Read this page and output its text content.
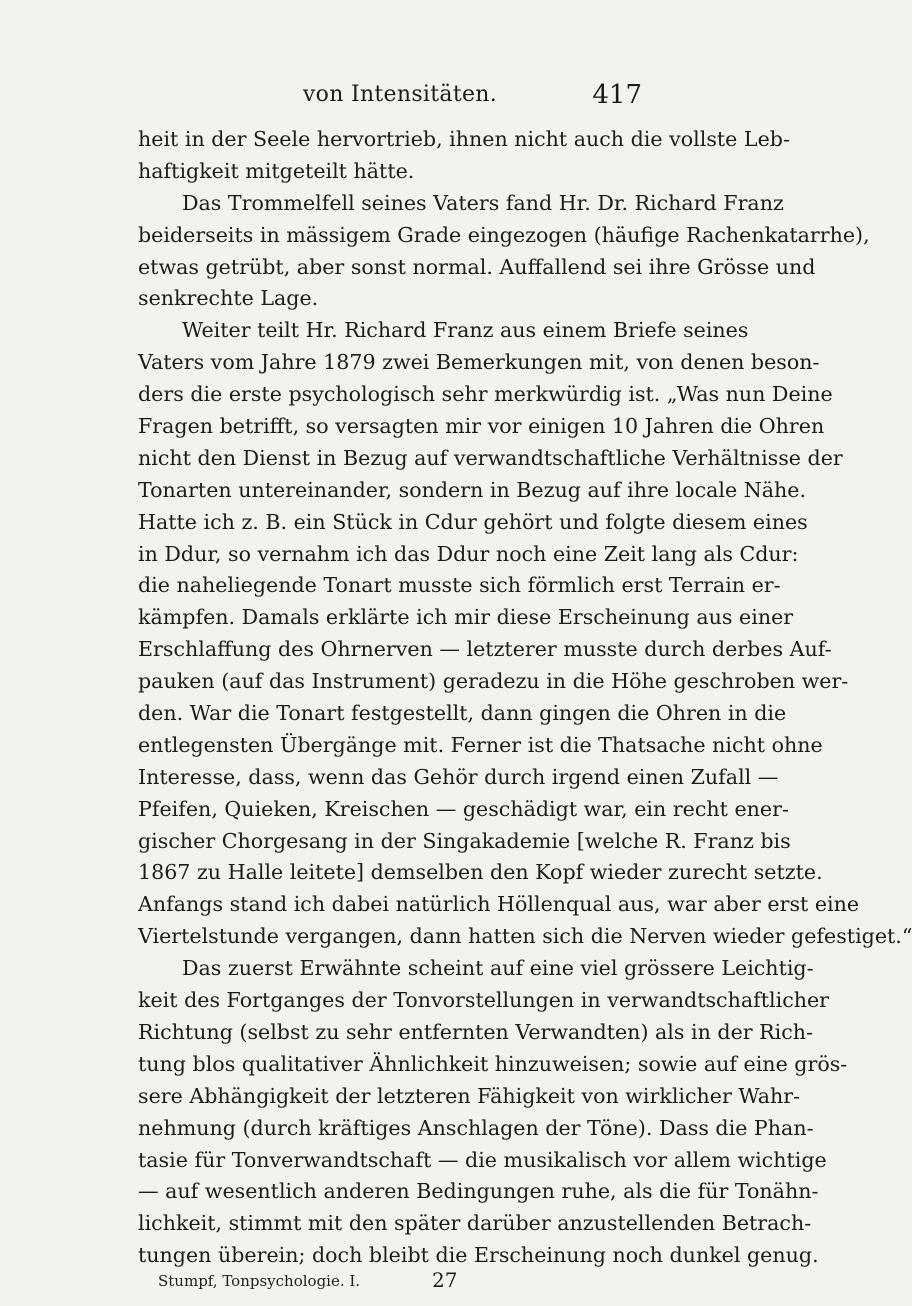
von Intensitäten.	417
heit in der Seele hervortrieb, ihnen nicht auch die vollste Leb-
haftigkeit mitgeteilt hätte.
Das Trommelfell seines Vaters fand Hr. Dr. Richard Franz
beiderseits in mässigem Grade eingezogen (häufige Rachenkatarrhe),
etwas getrübt, aber sonst normal. Auffallend sei ihre Grösse und
senkrechte Lage.
Weiter teilt Hr. Richard Franz aus einem Briefe seines
Vaters vom Jahre 1879 zwei Bemerkungen mit, von denen beson-
ders die erste psychologisch sehr merkwürdig ist. „Was nun Deine
Fragen betrifft, so versagten mir vor einigen 10 Jahren die Ohren
nicht den Dienst in Bezug auf verwandtschaftliche Verhältnisse der
Tonarten untereinander, sondern in Bezug auf ihre locale Nähe.
Hatte ich z. B. ein Stück in Cdur gehört und folgte diesem eines
in Ddur, so vernahm ich das Ddur noch eine Zeit lang als Cdur:
die naheliegende Tonart musste sich förmlich erst Terrain er-
kämpfen. Damals erklärte ich mir diese Erscheinung aus einer
Erschlaffung des Ohrnerven — letzterer musste durch derbes Auf-
pauken (auf das Instrument) geradezu in die Höhe geschroben wer-
den. War die Tonart festgestellt, dann gingen die Ohren in die
entlegensten Übergänge mit. Ferner ist die Thatsache nicht ohne
Interesse, dass, wenn das Gehör durch irgend einen Zufall —
Pfeifen, Quieken, Kreischen — geschädigt war, ein recht ener-
gischer Chorgesang in der Singakademie [welche R. Franz bis
1867 zu Halle leitete] demselben den Kopf wieder zurecht setzte.
Anfangs stand ich dabei natürlich Höllenqual aus, war aber erst eine
Viertelstunde vergangen, dann hatten sich die Nerven wieder gefestiget.“
Das zuerst Erwähnte scheint auf eine viel grössere Leichtig-
keit des Fortganges der Tonvorstellungen in verwandtschaftlicher
Richtung (selbst zu sehr entfernten Verwandten) als in der Rich-
tung blos qualitativer Ähnlichkeit hinzuweisen; sowie auf eine grös-
sere Abhängigkeit der letzteren Fähigkeit von wirklicher Wahr-
nehmung (durch kräftiges Anschlagen der Töne). Dass die Phan-
tasie für Tonverwandtschaft — die musikalisch vor allem wichtige
— auf wesentlich anderen Bedingungen ruhe, als die für Tonähn-
lichkeit, stimmt mit den später darüber anzustellenden Betrach-
tungen überein; doch bleibt die Erscheinung noch dunkel genug.
Stumpf, Tonpsychologie. I.	27
